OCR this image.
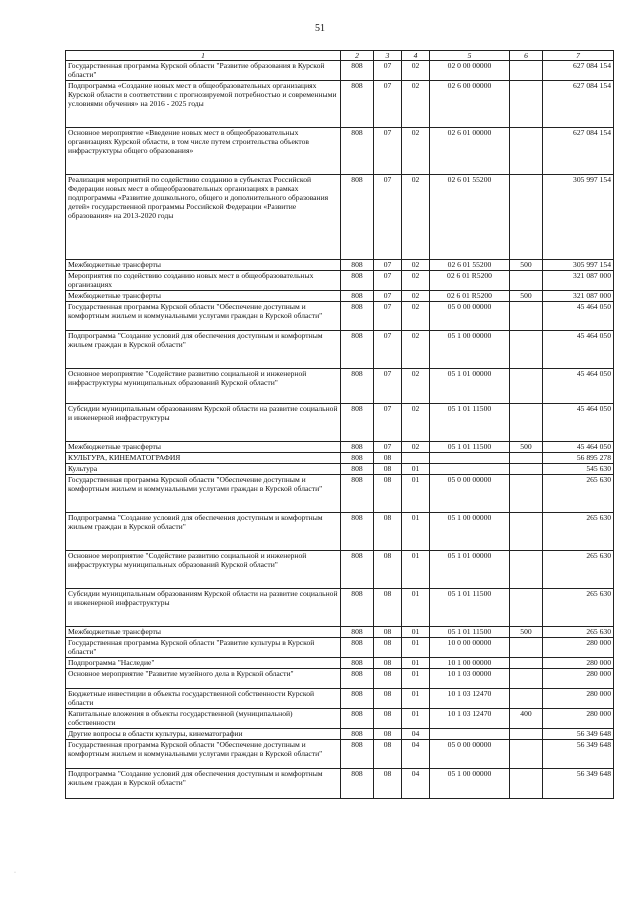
51
1	2	3	4	5	6	7
Государственная программа Курской области "Развитие образования в Курской области"	808	07	02	02 0 00 00000		627 084 154
Подпрограмма «Создание новых мест в общеобразовательных организациях Курской области в соответствии с прогнозируемой потребностью и современными условиями обучения» на 2016 - 2025 годы	808	07	02	02 6 00 00000		627 084 154
Основное мероприятие «Введение новых мест в общеобразовательных организациях Курской области, в том числе путем строительства объектов инфраструктуры общего образования»	808	07	02	02 6 01 00000		627 084 154
Реализация мероприятий по содействию созданию в субъектах Российской Федерации новых мест в общеобразовательных организациях в рамках подпрограммы «Развитие дошкольного, общего и дополнительного образования детей» государственной программы Российской Федерации «Развитие образования» на 2013-2020 годы	808	07	02	02 6 01 55200		305 997 154
Межбюджетные трансферты	808	07	02	02 6 01 55200	500	305 997 154
Мероприятия по содействию созданию новых мест в общеобразовательных организациях	808	07	02	02 6 01 R5200		321 087 000
Межбюджетные трансферты	808	07	02	02 6 01 R5200	500	321 087 000
Государственная программа Курской области "Обеспечение доступным и комфортным жильем и коммунальными услугами граждан в Курской области"	808	07	02	05 0 00 00000		45 464 050
Подпрограмма "Создание условий для обеспечения доступным и комфортным жильем граждан в Курской области"	808	07	02	05 1 00 00000		45 464 050
Основное мероприятие "Содействие развитию социальной и инженерной инфраструктуры муниципальных образований Курской области"	808	07	02	05 1 01 00000		45 464 050
Субсидии муниципальным образованиям Курской области на развитие социальной и инженерной инфраструктуры	808	07	02	05 1 01 11500		45 464 050
Межбюджетные трансферты	808	07	02	05 1 01 11500	500	45 464 050
КУЛЬТУРА, КИНЕМАТОГРАФИЯ	808	08				56 895 278
Культура	808	08	01			545 630
Государственная программа Курской области "Обеспечение доступным и комфортным жильем и коммунальными услугами граждан в Курской области"	808	08	01	05 0 00 00000		265 630
Подпрограмма "Создание условий для обеспечения доступным и комфортным жильем граждан в Курской области"	808	08	01	05 1 00 00000		265 630
Основное мероприятие "Содействие развитию социальной и инженерной инфраструктуры муниципальных образований Курской области"	808	08	01	05 1 01 00000		265 630
Субсидии муниципальным образованиям Курской области на развитие социальной и инженерной инфраструктуры	808	08	01	05 1 01 11500		265 630
Межбюджетные трансферты	808	08	01	05 1 01 11500	500	265 630
Государственная программа Курской области "Развитие культуры в Курской области"	808	08	01	10 0 00 00000		280 000
Подпрограмма "Наследие"	808	08	01	10 1 00 00000		280 000
Основное мероприятие "Развитие музейного дела в Курской области"	808	08	01	10 1 03 00000		280 000
Бюджетные инвестиции в объекты государственной собственности Курской области	808	08	01	10 1 03 12470		280 000
Капитальные вложения в объекты государственной (муниципальной) собственности	808	08	01	10 1 03 12470	400	280 000
Другие вопросы в области культуры, кинематографии	808	08	04			56 349 648
Государственная программа Курской области "Обеспечение доступным и комфортным жильем и коммунальными услугами граждан в Курской области"	808	08	04	05 0 00 00000		56 349 648
Подпрограмма "Создание условий для обеспечения доступным и комфортным жильем граждан в Курской области"	808	08	04	05 1 00 00000		56 349 648
·
